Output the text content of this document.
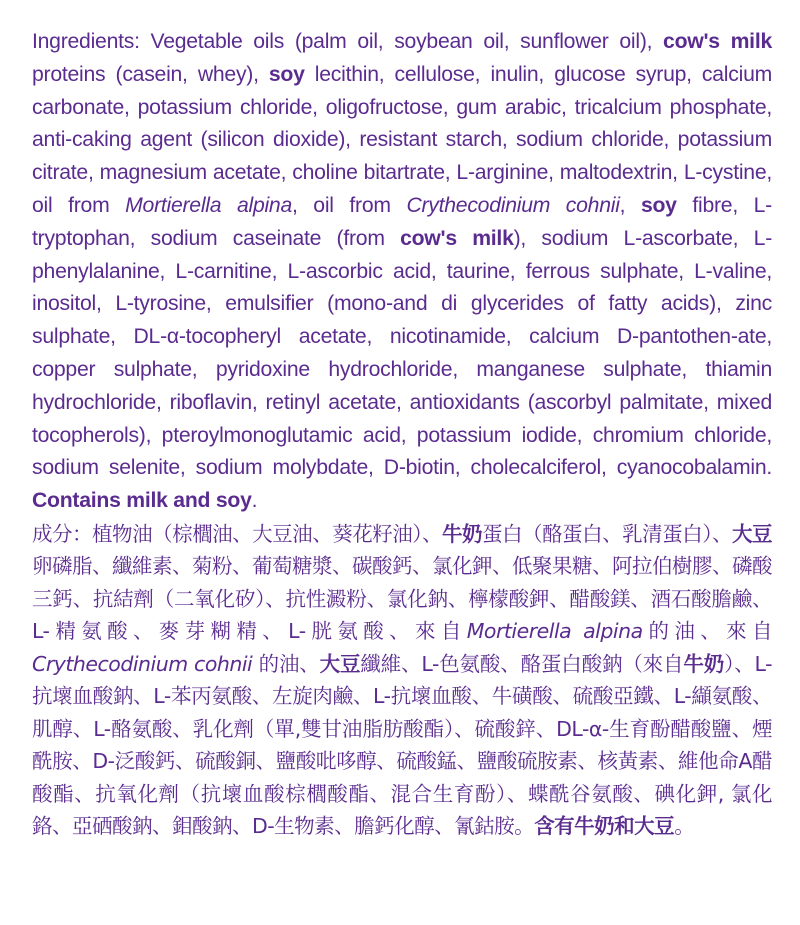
Ingredients: Vegetable oils (palm oil, soybean oil, sunflower oil), cow's milk proteins (casein, whey), soy lecithin, cellulose, inulin, glucose syrup, calcium carbonate, potassium chloride, oligofructose, gum arabic, tricalcium phosphate, anti-caking agent (silicon dioxide), resistant starch, sodium chloride, potassium citrate, magnesium acetate, choline bitartrate, L-arginine, maltodextrin, L-cystine, oil from Mortierella alpina, oil from Crythecodinium cohnii, soy fibre, L-tryptophan, sodium caseinate (from cow's milk), sodium L-ascorbate, L-phenylalanine, L-carnitine, L-ascorbic acid, taurine, ferrous sulphate, L-valine, inositol, L-tyrosine, emulsifier (mono-and di glycerides of fatty acids), zinc sulphate, DL-α-tocopheryl acetate, nicotinamide, calcium D-pantothen-ate, copper sulphate, pyridoxine hydrochloride, manganese sulphate, thiamin hydrochloride, riboflavin, retinyl acetate, antioxidants (ascorbyl palmitate, mixed tocopherols), pteroylmonoglutamic acid, potassium iodide, chromium chloride, sodium selenite, sodium molybdate, D-biotin, cholecalciferol, cyanocobalamin. Contains milk and soy.

成分：植物油（棕櫚油、大豆油、葵花籽油）、牛奶蛋白（酪蛋白、乳清蛋白）、大豆卵磷脂、纖維素、菊粉、葡萄糖漿、碳酸鈣、氯化鉀、低聚果糖、阿拉伯樹膠、磷酸三鈣、抗結劑（二氧化矽）、抗性澱粉、氯化鈉、檸檬酸鉀、醋酸鎂、酒石酸膽鹼、L-精氨酸、麥芽糊精、L-胱氨酸、來自Mortierella alpina的油、來自Crythecodinium cohnii 的油、大豆纖維、L-色氨酸、酪蛋白酸鈉（來自牛奶）、L-抗壞血酸鈉、L-苯丙氨酸、左旋肉鹼、L-抗壞血酸、牛磺酸、硫酸亞鐵、L-纈氨酸、肌醇、L-酪氨酸、乳化劑（單,雙甘油脂肪酸酯）、硫酸鋅、DL-α-生育酚醋酸鹽、煙酰胺、D-泛酸鈣、硫酸銅、鹽酸吡哆醇、硫酸錳、鹽酸硫胺素、核黃素、維他命A醋酸酯、抗氧化劑（抗壞血酸棕櫚酸酯、混合生育酚）、蝶酰谷氨酸、碘化鉀, 氯化鉻、亞硒酸鈉、鉬酸鈉、D-生物素、膽鈣化醇、氰鈷胺。含有牛奶和大豆。
